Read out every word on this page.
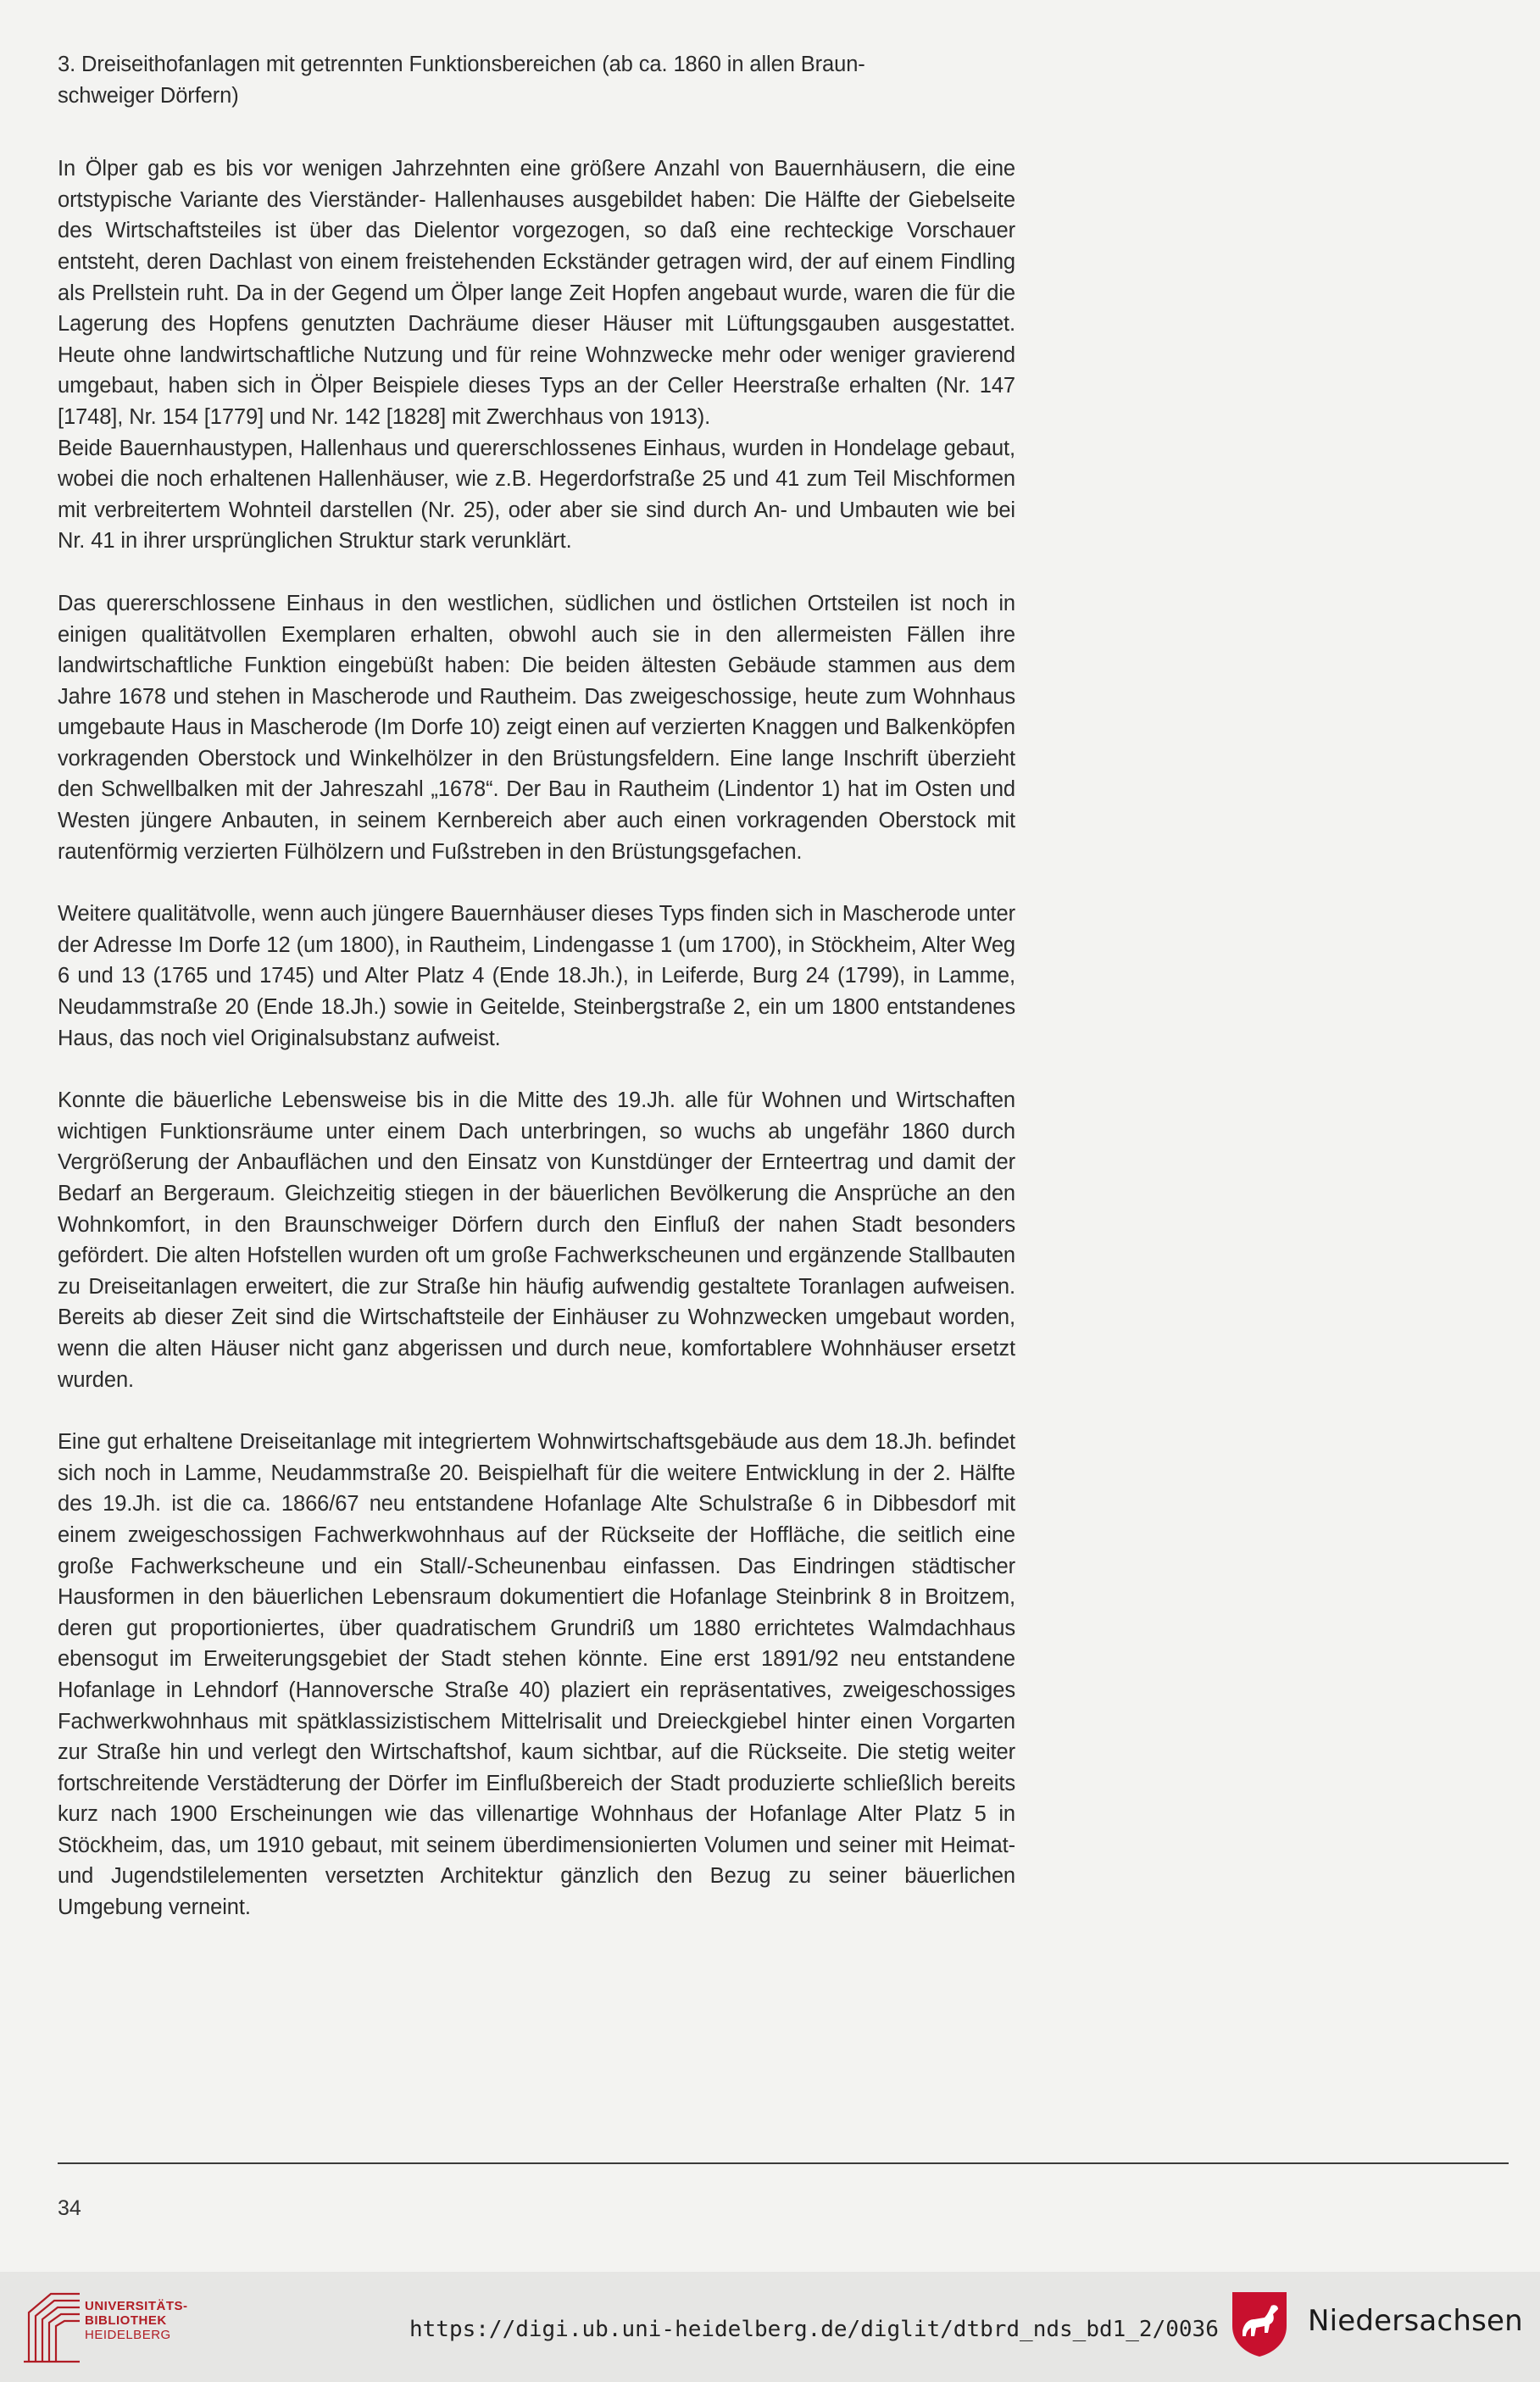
3. Dreiseithofanlagen mit getrennten Funktionsbereichen (ab ca. 1860 in allen Braun-
schweiger Dörfern)

In Ölper gab es bis vor wenigen Jahrzehnten eine größere Anzahl von Bauernhäusern, die eine ortstypische Variante des Vierständer- Hallenhauses ausgebildet haben: Die Hälfte der Giebelseite des Wirtschaftsteiles ist über das Dielentor vorgezogen, so daß eine rechteckige Vorschauer entsteht, deren Dachlast von einem freistehenden Eckständer getragen wird, der auf einem Findling als Prellstein ruht. Da in der Gegend um Ölper lange Zeit Hopfen angebaut wurde, waren die für die Lagerung des Hopfens genutzten Dachräume dieser Häuser mit Lüftungsgauben ausgestattet. Heute ohne landwirtschaftliche Nutzung und für reine Wohnzwecke mehr oder weniger gravierend umgebaut, haben sich in Ölper Beispiele dieses Typs an der Celler Heerstraße erhalten (Nr. 147 [1748], Nr. 154 [1779] und Nr. 142 [1828] mit Zwerchhaus von 1913).

Beide Bauernhaustypen, Hallenhaus und quererschlossenes Einhaus, wurden in Hondelage gebaut, wobei die noch erhaltenen Hallenhäuser, wie z.B. Hegerdorfstraße 25 und 41 zum Teil Mischformen mit verbreitertem Wohnteil darstellen (Nr. 25), oder aber sie sind durch An- und Umbauten wie bei Nr. 41 in ihrer ursprünglichen Struktur stark verunklärt.

Das quererschlossene Einhaus in den westlichen, südlichen und östlichen Ortsteilen ist noch in einigen qualitätvollen Exemplaren erhalten, obwohl auch sie in den allermeisten Fällen ihre landwirtschaftliche Funktion eingebüßt haben: Die beiden ältesten Gebäude stammen aus dem Jahre 1678 und stehen in Mascherode und Rautheim. Das zweigeschossige, heute zum Wohnhaus umgebaute Haus in Mascherode (Im Dorfe 10) zeigt einen auf verzierten Knaggen und Balkenköpfen vorkragenden Oberstock und Winkelhölzer in den Brüstungsfeldern. Eine lange Inschrift überzieht den Schwellbalken mit der Jahreszahl „1678“. Der Bau in Rautheim (Lindentor 1) hat im Osten und Westen jüngere Anbauten, in seinem Kernbereich aber auch einen vorkragenden Oberstock mit rautenförmig verzierten Fülhölzern und Fußstreben in den Brüstungsgefachen.

Weitere qualitätvolle, wenn auch jüngere Bauernhäuser dieses Typs finden sich in Mascherode unter der Adresse Im Dorfe 12 (um 1800), in Rautheim, Lindengasse 1 (um 1700), in Stöckheim, Alter Weg 6 und 13 (1765 und 1745) und Alter Platz 4 (Ende 18.Jh.), in Leiferde, Burg 24 (1799), in Lamme, Neudammstraße 20 (Ende 18.Jh.) sowie in Geitelde, Steinbergstraße 2, ein um 1800 entstandenes Haus, das noch viel Originalsubstanz aufweist.

Konnte die bäuerliche Lebensweise bis in die Mitte des 19.Jh. alle für Wohnen und Wirtschaften wichtigen Funktionsräume unter einem Dach unterbringen, so wuchs ab ungefähr 1860 durch Vergrößerung der Anbauflächen und den Einsatz von Kunstdünger der Ernteertrag und damit der Bedarf an Bergeraum. Gleichzeitig stiegen in der bäuerlichen Bevölkerung die Ansprüche an den Wohnkomfort, in den Braunschweiger Dörfern durch den Einfluß der nahen Stadt besonders gefördert. Die alten Hofstellen wurden oft um große Fachwerkscheunen und ergänzende Stallbauten zu Dreiseitanlagen erweitert, die zur Straße hin häufig aufwendig gestaltete Toranlagen aufweisen. Bereits ab dieser Zeit sind die Wirtschaftsteile der Einhäuser zu Wohnzwecken umgebaut worden, wenn die alten Häuser nicht ganz abgerissen und durch neue, komfortablere Wohnhäuser ersetzt wurden.

Eine gut erhaltene Dreiseitanlage mit integriertem Wohnwirtschaftsgebäude aus dem 18.Jh. befindet sich noch in Lamme, Neudammstraße 20. Beispielhaft für die weitere Entwicklung in der 2. Hälfte des 19.Jh. ist die ca. 1866/67 neu entstandene Hofanlage Alte Schulstraße 6 in Dibbesdorf mit einem zweigeschossigen Fachwerkwohnhaus auf der Rückseite der Hoffläche, die seitlich eine große Fachwerkscheune und ein Stall/-Scheunenbau einfassen. Das Eindringen städtischer Hausformen in den bäuerlichen Lebensraum dokumentiert die Hofanlage Steinbrink 8 in Broitzem, deren gut proportioniertes, über quadratischem Grundriß um 1880 errichtetes Walmdachhaus ebensogut im Erweiterungsgebiet der Stadt stehen könnte. Eine erst 1891/92 neu entstandene Hofanlage in Lehndorf (Hannoversche Straße 40) plaziert ein repräsentatives, zweigeschossiges Fachwerkwohnhaus mit spätklassizistischem Mittelrisalit und Dreieckgiebel hinter einen Vorgarten zur Straße hin und verlegt den Wirtschaftshof, kaum sichtbar, auf die Rückseite. Die stetig weiter fortschreitende Verstädterung der Dörfer im Einflußbereich der Stadt produzierte schließlich bereits kurz nach 1900 Erscheinungen wie das villenartige Wohnhaus der Hofanlage Alter Platz 5 in Stöckheim, das, um 1910 gebaut, mit seinem überdimensionierten Volumen und seiner mit Heimat- und Jugendstilelementen versetzten Architektur gänzlich den Bezug zu seiner bäuerlichen Umgebung verneint.

34
UNIVERSITÄTS-
BIBLIOTHEK
HEIDELBERG	https://digi.ub.uni-heidelberg.de/diglit/dtbrd_nds_bd1_2/0036	Niedersachsen
